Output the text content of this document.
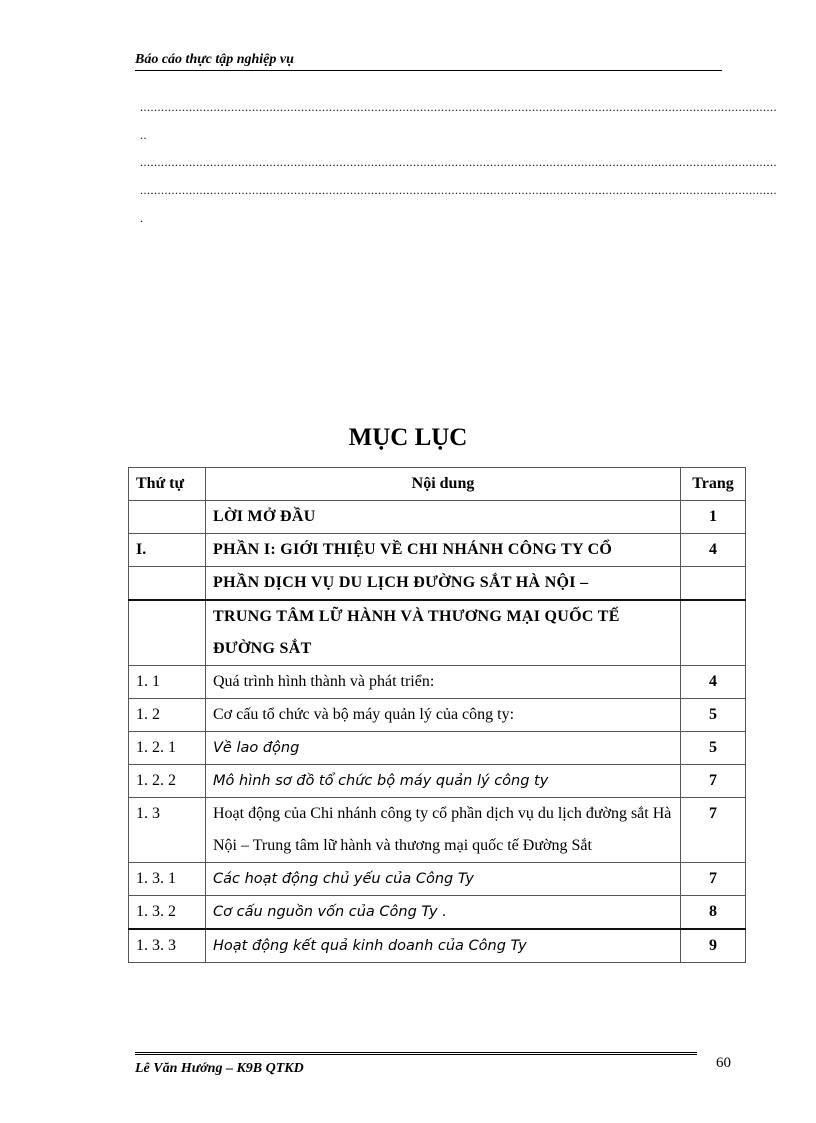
Báo cáo thực tập nghiệp vụ
......................................................................................................................................................................................
..
......................................................................................................................................................................................
......................................................................................................................................................................................
.
MỤC LỤC
Thứ tự	Nội dung	Trang
	LỜI MỞ ĐẦU	1
I.	PHẦN I: GIỚI THIỆU VỀ CHI NHÁNH CÔNG TY CỔ	4
	PHẦN DỊCH VỤ DU LỊCH ĐƯỜNG SẮT HÀ NỘI –	
	TRUNG TÂM LỮ HÀNH VÀ THƯƠNG MẠI QUỐC TẾ ĐƯỜNG SẮT	
1. 1	Quá trình hình thành và phát triển:	4
1. 2	Cơ cấu tổ chức và bộ máy quản lý của công ty:	5
1. 2. 1	Về lao động	5
1. 2. 2	Mô hình sơ đồ tổ chức bộ máy quản lý công ty	7
1. 3	Hoạt động của Chi nhánh công ty cổ phần dịch vụ du lịch đường sắt Hà Nội – Trung tâm lữ hành và thương mại quốc tế Đường Sắt	7
1. 3. 1	Các hoạt động chủ yếu của Công Ty	7
1. 3. 2	Cơ cấu nguồn vốn của Công Ty .	8
1. 3. 3	Hoạt động kết quả kinh doanh của Công Ty	9
Lê Văn Hướng – K9B QTKD	60
